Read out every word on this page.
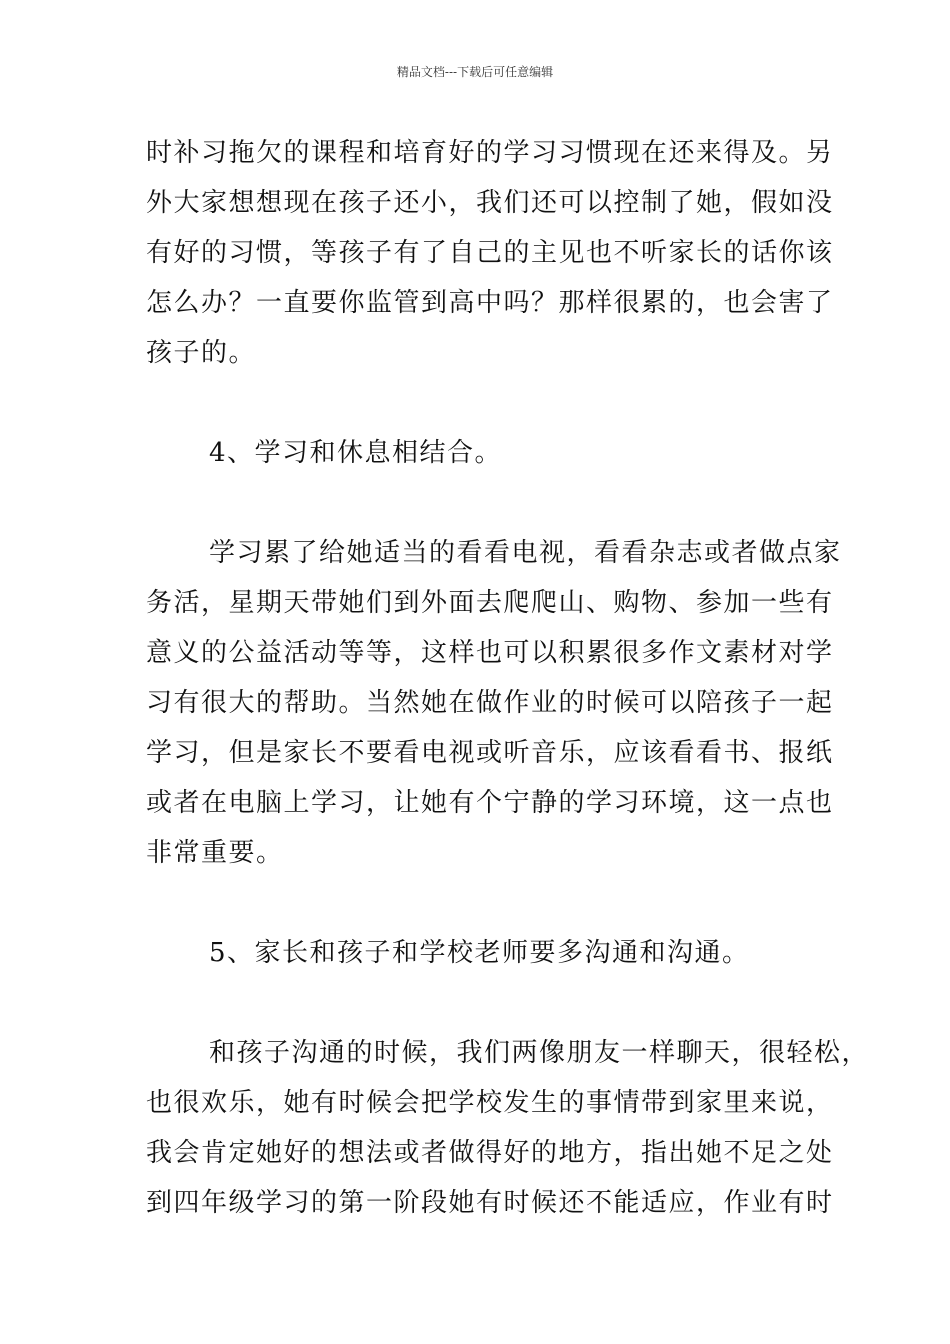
精品文档---下载后可任意编辑
时补习拖欠的课程和培育好的学习习惯现在还来得及。另
外大家想想现在孩子还小，我们还可以控制了她，假如没
有好的习惯，等孩子有了自己的主见也不听家长的话你该
怎么办？一直要你监管到高中吗？那样很累的，也会害了
孩子的。
4、学习和休息相结合。
学习累了给她适当的看看电视，看看杂志或者做点家
务活，星期天带她们到外面去爬爬山、购物、参加一些有
意义的公益活动等等，这样也可以积累很多作文素材对学
习有很大的帮助。当然她在做作业的时候可以陪孩子一起
学习，但是家长不要看电视或听音乐，应该看看书、报纸
或者在电脑上学习，让她有个宁静的学习环境，这一点也
非常重要。
5、家长和孩子和学校老师要多沟通和沟通。
和孩子沟通的时候，我们两像朋友一样聊天，很轻松，
也很欢乐，她有时候会把学校发生的事情带到家里来说，
我会肯定她好的想法或者做得好的地方，指出她不足之处
到四年级学习的第一阶段她有时候还不能适应，作业有时
